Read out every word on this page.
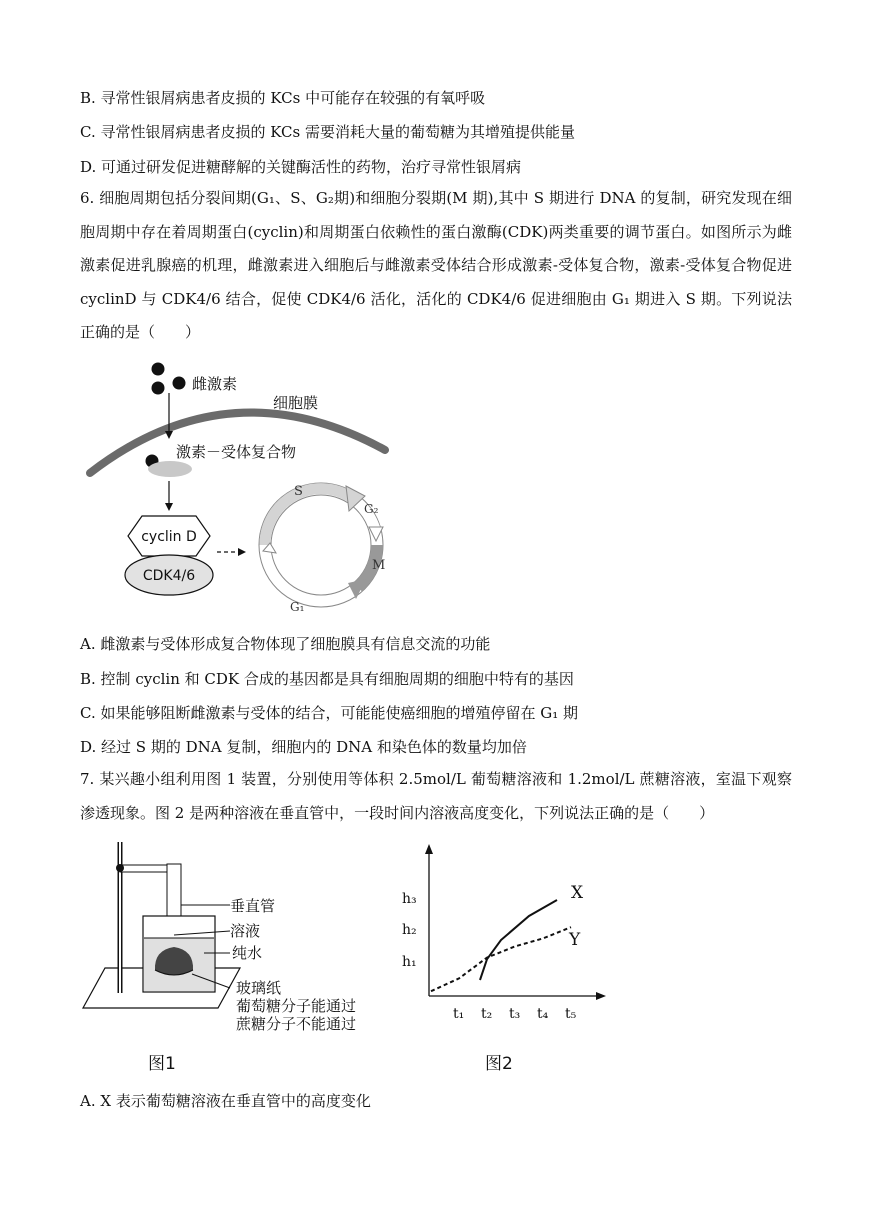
B. 寻常性银屑病患者皮损的 KCs 中可能存在较强的有氧呼吸
C. 寻常性银屑病患者皮损的 KCs 需要消耗大量的葡萄糖为其增殖提供能量
D. 可通过研发促进糖酵解的关键酶活性的药物，治疗寻常性银屑病
6. 细胞周期包括分裂间期(G₁、S、G₂期)和细胞分裂期(M 期),其中 S 期进行 DNA 的复制，研究发现在细胞周期中存在着周期蛋白(cyclin)和周期蛋白依赖性的蛋白激酶(CDK)两类重要的调节蛋白。如图所示为雌激素促进乳腺癌的机理，雌激素进入细胞后与雌激素受体结合形成激素-受体复合物，激素-受体复合物促进 cyclinD 与 CDK4/6 结合，促使 CDK4/6 活化，活化的 CDK4/6 促进细胞由 G₁ 期进入 S 期。下列说法正确的是（　　）
雌激素
细胞膜
激素－受体复合物
cyclin D
CDK4/6
S
G₂
M
G₁
A. 雌激素与受体形成复合物体现了细胞膜具有信息交流的功能
B. 控制 cyclin 和 CDK 合成的基因都是具有细胞周期的细胞中特有的基因
C. 如果能够阻断雌激素与受体的结合，可能能使癌细胞的增殖停留在 G₁ 期
D. 经过 S 期的 DNA 复制，细胞内的 DNA 和染色体的数量均加倍
7. 某兴趣小组利用图 1 装置，分别使用等体积 2.5mol/L 葡萄糖溶液和 1.2mol/L 蔗糖溶液，室温下观察渗透现象。图 2 是两种溶液在垂直管中，一段时间内溶液高度变化，下列说法正确的是（　　）
垂直管
溶液
纯水
玻璃纸
葡萄糖分子能通过
蔗糖分子不能通过
图1
h₃
h₂
h₁
t₁ t₂ t₃ t₄ t₅
X
Y
图2
A. X 表示葡萄糖溶液在垂直管中的高度变化
